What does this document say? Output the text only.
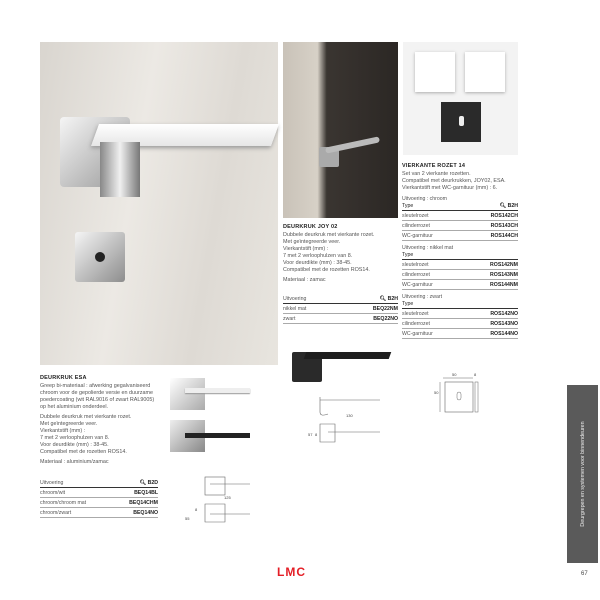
DEURKRUK ESA

Greep bi-materiaal : afwerking gegalvaniseerd chroom voor de gepolierde versie en duurzame poedercoating (wit RAL9016 of zwart RAL9005) op het aluminium onderdeel.

Dubbele deurkruk met vierkante rozet.

Met geïntegreerde veer.

Vierkantstift (mm) :

7 met 2 verloophulzen van 8.

Voor deurdikte (mm) : 38-45.

Compatibel met de rozetten ROS14.

Materiaal : aluminium/zamac

Uitvoering	🔍︎ B2D
chroom/wit	BEQ14BL
chroom/chroom mat	BEQ14CHM
chroom/zwart	BEQ14NO
125
55
8
DEURKRUK JOY 02

Dubbele deurkruk met vierkante rozet.

Met geïntegreerde veer.

Vierkantstift (mm) :

7 met 2 verloophulzen van 8.

Voor deurdikte (mm) : 38-45.

Compatibel met de rozetten ROS14.

Materiaal : zamac

Uitvoering	🔍︎ B2H
nikkel mat	BEQ22NM
zwart	BEQ22NO
130
57 8
VIERKANTE ROZET 14

Set van 2 vierkante rozetten.

Compatibel met deurkrukken, JOY02, ESA.

Vierkantstift met WC-garnituur (mm) : 6.

Uitvoering : chroom
Type	🔍︎ B2H
sleutelrozet	ROS142CH
cilinderrozet	ROS143CH
WC-garnituur	ROS144CH
Uitvoering : nikkel mat
Type
sleutelrozet	ROS142NM
cilinderrozet	ROS143NM
WC-garnituur	ROS144NM
Uitvoering : zwart
Type
sleutelrozet	ROS142NO
cilinderrozet	ROS143NO
WC-garnituur	ROS144NO
50
50
8
Deurgrepen en systemen voor binnendeuren
LMC	67
